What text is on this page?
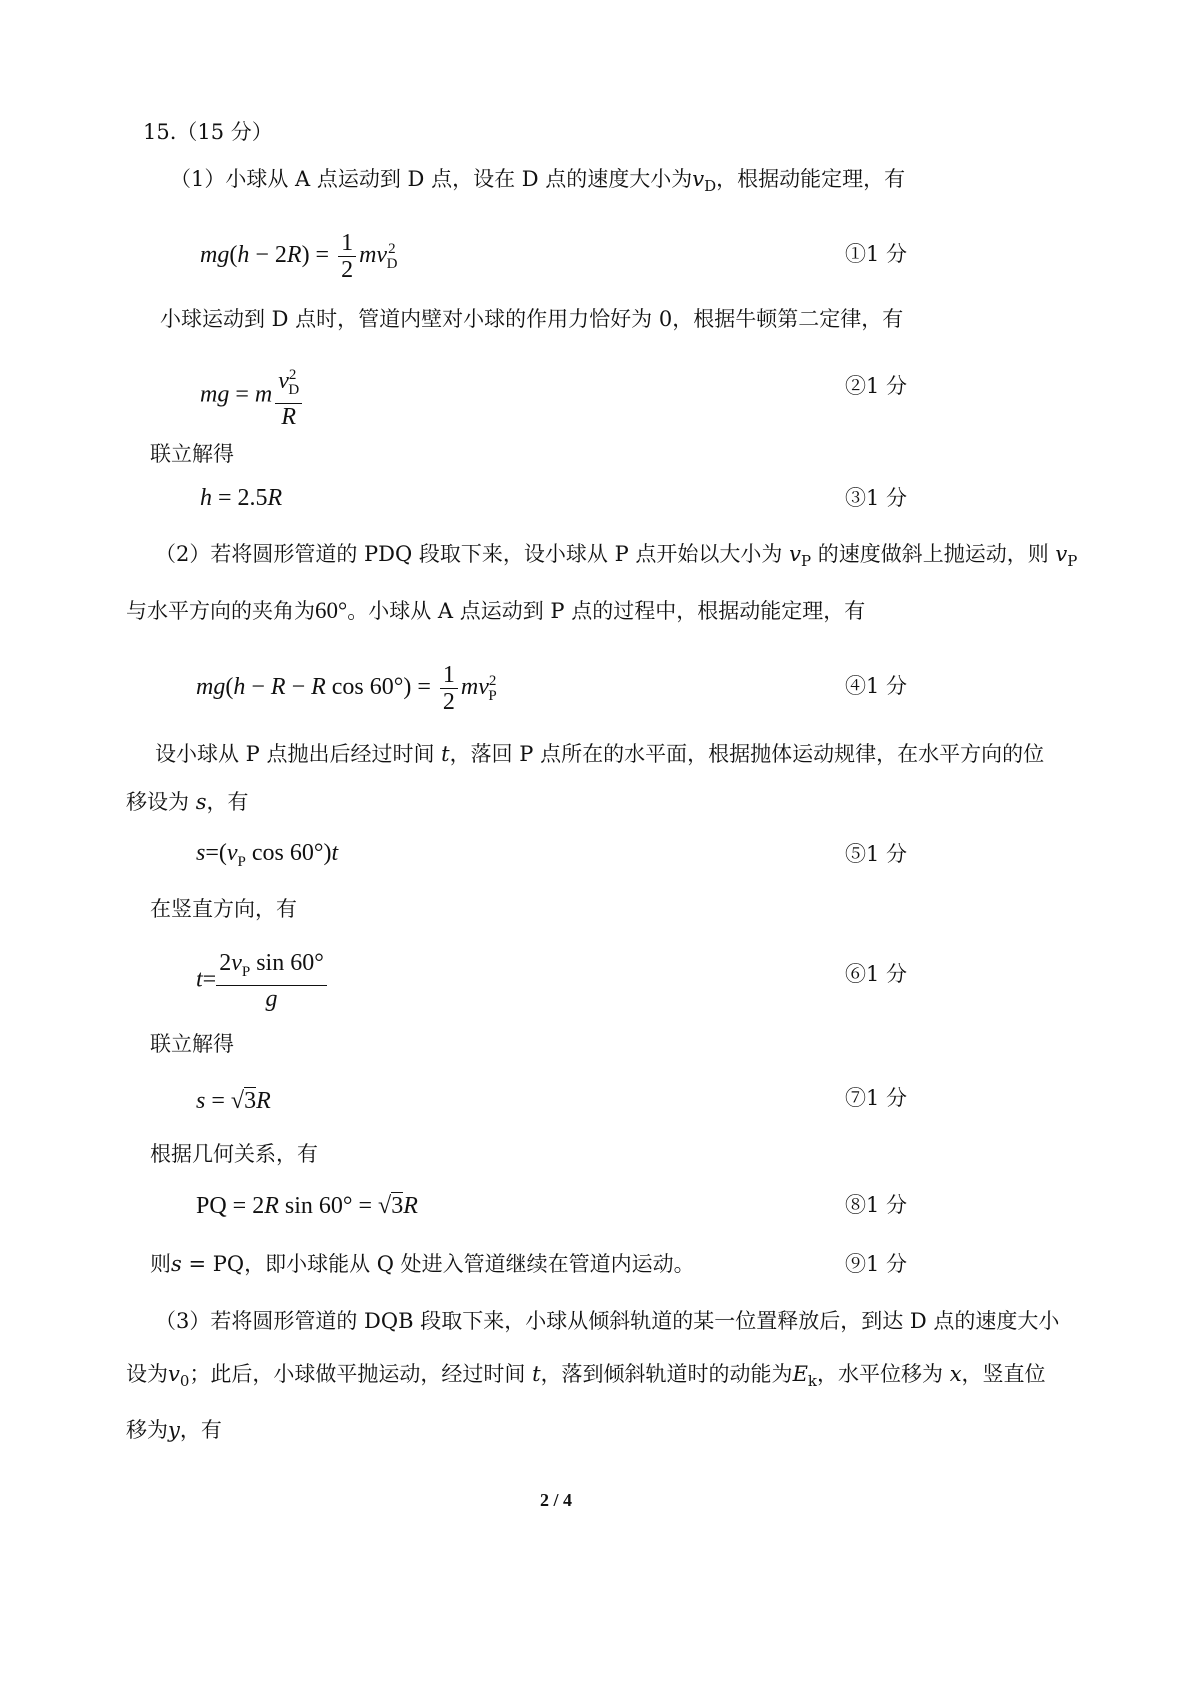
15.（15 分）
（1）小球从 A 点运动到 D 点，设在 D 点的速度大小为$v_D$，根据动能定理，有
$mg(h - 2R) = \frac{1}{2} mv^2_D$	①1 分
小球运动到 D 点时，管道内壁对小球的作用力恰好为 0，根据牛顿第二定律，有
mg = m $\frac{v^2_D}{R}$	②1 分
联立解得
h = 2.5R	③1 分
（2）若将圆形管道的 PDQ 段取下来，设小球从 P 点开始以大小为 $v_P$ 的速度做斜上抛运动，则 $v_P$
与水平方向的夹角为60°。小球从 A 点运动到 P 点的过程中，根据动能定理，有
mg(h − R − R $\cos 60^\circ) = \frac{1}{2} mv^2_P$	④1 分
设小球从 P 点抛出后经过时间 t，落回 P 点所在的水平面，根据抛体运动规律，在水平方向的位
移设为 s，有
$s=(v_P$ cos 60°)t	⑤1 分
在竖直方向，有
$t= \frac{2v_P \sin 60^\circ}{g}$	⑥1 分
联立解得
s = √3R	⑦1 分
根据几何关系，有
PQ = 2R sin 60° = √3R	⑧1 分
则s = PQ，即小球能从 Q 处进入管道继续在管道内运动。	⑨1 分
（3）若将圆形管道的 DQB 段取下来，小球从倾斜轨道的某一位置释放后，到达 D 点的速度大小
设为$v_0$；此后，小球做平抛运动，经过时间 t，落到倾斜轨道时的动能为$E_k$，水平位移为 x，竖直位
移为y，有
2 / 4
